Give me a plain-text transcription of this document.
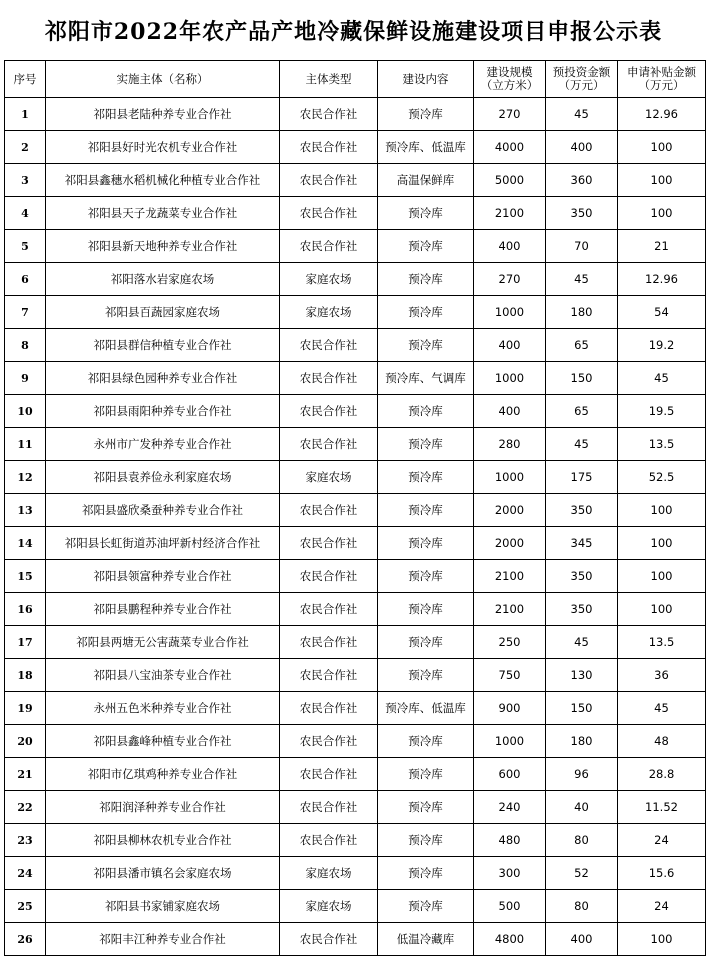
祁阳市2022年农产品产地冷藏保鲜设施建设项目申报公示表
序号	实施主体（名称）	主体类型	建设内容	建设规模（立方米）	预投资金额（万元）	申请补贴金额（万元）
1	祁阳县老陆种养专业合作社	农民合作社	预冷库	270	45	12.96
2	祁阳县好时光农机专业合作社	农民合作社	预冷库、低温库	4000	400	100
3	祁阳县鑫穗水稻机械化种植专业合作社	农民合作社	高温保鲜库	5000	360	100
4	祁阳县天子龙蔬菜专业合作社	农民合作社	预冷库	2100	350	100
5	祁阳县新天地种养专业合作社	农民合作社	预冷库	400	70	21
6	祁阳落水岩家庭农场	家庭农场	预冷库	270	45	12.96
7	祁阳县百蔬园家庭农场	家庭农场	预冷库	1000	180	54
8	祁阳县群信种植专业合作社	农民合作社	预冷库	400	65	19.2
9	祁阳县绿色园种养专业合作社	农民合作社	预冷库、气调库	1000	150	45
10	祁阳县雨阳种养专业合作社	农民合作社	预冷库	400	65	19.5
11	永州市广发种养专业合作社	农民合作社	预冷库	280	45	13.5
12	祁阳县袁养俭永利家庭农场	家庭农场	预冷库	1000	175	52.5
13	祁阳县盛欣桑蚕种养专业合作社	农民合作社	预冷库	2000	350	100
14	祁阳县长虹街道苏油坪新村经济合作社	农民合作社	预冷库	2000	345	100
15	祁阳县领富种养专业合作社	农民合作社	预冷库	2100	350	100
16	祁阳县鹏程种养专业合作社	农民合作社	预冷库	2100	350	100
17	祁阳县两塘无公害蔬菜专业合作社	农民合作社	预冷库	250	45	13.5
18	祁阳县八宝油茶专业合作社	农民合作社	预冷库	750	130	36
19	永州五色米种养专业合作社	农民合作社	预冷库、低温库	900	150	45
20	祁阳县鑫峰种植专业合作社	农民合作社	预冷库	1000	180	48
21	祁阳市亿琪鸡种养专业合作社	农民合作社	预冷库	600	96	28.8
22	祁阳润泽种养专业合作社	农民合作社	预冷库	240	40	11.52
23	祁阳县柳林农机专业合作社	农民合作社	预冷库	480	80	24
24	祁阳县潘市镇名会家庭农场	家庭农场	预冷库	300	52	15.6
25	祁阳县书家铺家庭农场	家庭农场	预冷库	500	80	24
26	祁阳丰江种养专业合作社	农民合作社	低温冷藏库	4800	400	100
